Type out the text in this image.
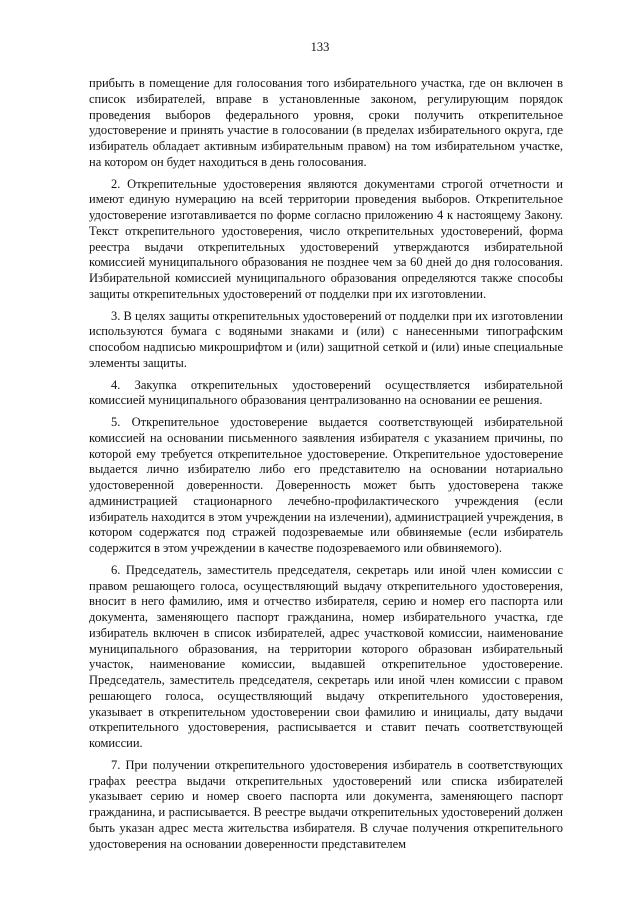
133

прибыть в помещение для голосования того избирательного участка, где он включен в список избирателей, вправе в установленные законом, регулирующим порядок проведения выборов федерального уровня, сроки получить открепительное удостоверение и принять участие в голосовании (в пределах избирательного округа, где избиратель обладает активным избирательным правом) на том избирательном участке, на котором он будет находиться в день голосования.

2. Открепительные удостоверения являются документами строгой отчетности и имеют единую нумерацию на всей территории проведения выборов. Открепительное удостоверение изготавливается по форме согласно приложению 4 к настоящему Закону. Текст открепительного удостоверения, число открепительных удостоверений, форма реестра выдачи открепительных удостоверений утверждаются избирательной комиссией муниципального образования не позднее чем за 60 дней до дня голосования. Избирательной комиссией муниципального образования определяются также способы защиты открепительных удостоверений от подделки при их изготовлении.

3. В целях защиты открепительных удостоверений от подделки при их изготовлении используются бумага с водяными знаками и (или) с нанесенными типографским способом надписью микрошрифтом и (или) защитной сеткой и (или) иные специальные элементы защиты.

4. Закупка открепительных удостоверений осуществляется избирательной комиссией муниципального образования централизованно на основании ее решения.

5. Открепительное удостоверение выдается соответствующей избирательной комиссией на основании письменного заявления избирателя с указанием причины, по которой ему требуется открепительное удостоверение. Открепительное удостоверение выдается лично избирателю либо его представителю на основании нотариально удостоверенной доверенности. Доверенность может быть удостоверена также администрацией стационарного лечебно-профилактического учреждения (если избиратель находится в этом учреждении на излечении), администрацией учреждения, в котором содержатся под стражей подозреваемые или обвиняемые (если избиратель содержится в этом учреждении в качестве подозреваемого или обвиняемого).

6. Председатель, заместитель председателя, секретарь или иной член комиссии с правом решающего голоса, осуществляющий выдачу открепительного удостоверения, вносит в него фамилию, имя и отчество избирателя, серию и номер его паспорта или документа, заменяющего паспорт гражданина, номер избирательного участка, где избиратель включен в список избирателей, адрес участковой комиссии, наименование муниципального образования, на территории которого образован избирательный участок, наименование комиссии, выдавшей открепительное удостоверение. Председатель, заместитель председателя, секретарь или иной член комиссии с правом решающего голоса, осуществляющий выдачу открепительного удостоверения, указывает в открепительном удостоверении свои фамилию и инициалы, дату выдачи открепительного удостоверения, расписывается и ставит печать соответствующей комиссии.

7. При получении открепительного удостоверения избиратель в соответствующих графах реестра выдачи открепительных удостоверений или списка избирателей указывает серию и номер своего паспорта или документа, заменяющего паспорт гражданина, и расписывается. В реестре выдачи открепительных удостоверений должен быть указан адрес места жительства избирателя. В случае получения открепительного удостоверения на основании доверенности представителем
